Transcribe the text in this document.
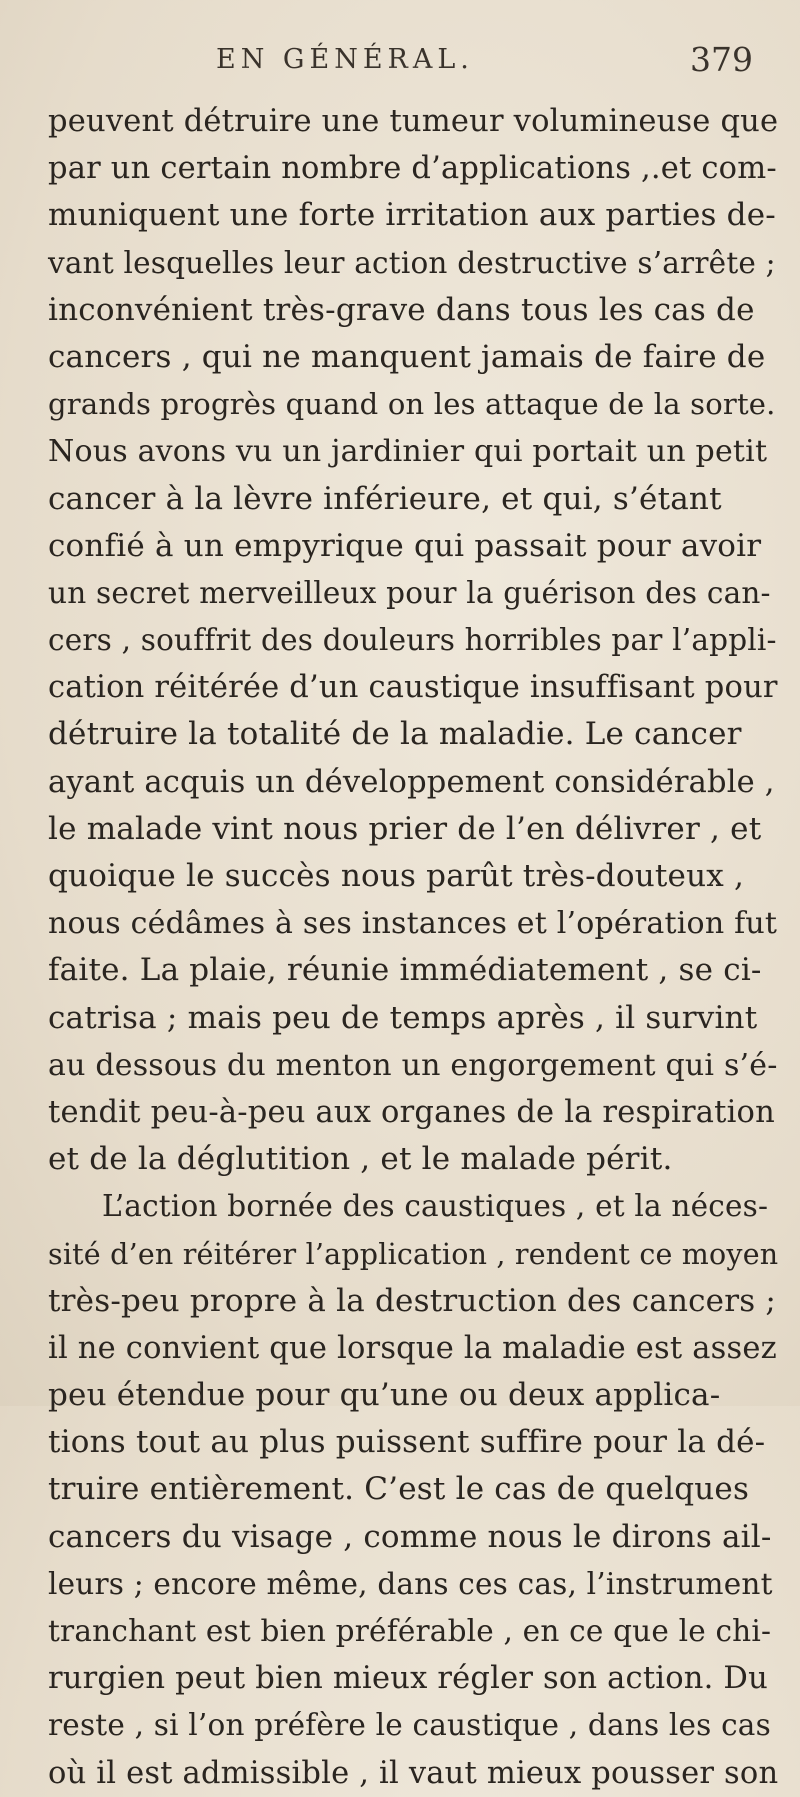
EN GÉNÉRAL.	379
peuvent détruire une tumeur volumineuse que
par un certain nombre d’applications ,.et com-
muniquent une forte irritation aux parties de-
vant lesquelles leur action destructive s’arrête ;
inconvénient très-grave dans tous les cas de
cancers , qui ne manquent jamais de faire de
grands progrès quand on les attaque de la sorte.
Nous avons vu un jardinier qui portait un petit
cancer à la lèvre inférieure, et qui, s’étant
confié à un empyrique qui passait pour avoir
un secret merveilleux pour la guérison des can-
cers , souffrit des douleurs horribles par l’appli-
cation réitérée d’un caustique insuffisant pour
détruire la totalité de la maladie. Le cancer
ayant acquis un développement considérable ,
le malade vint nous prier de l’en délivrer , et
quoique le succès nous parût très-douteux ,
nous cédâmes à ses instances et l’opération fut
faite. La plaie, réunie immédiatement , se ci-
catrisa ; mais peu de temps après , il survint
au dessous du menton un engorgement qui s’é-
tendit peu-à-peu aux organes de la respiration
et de la déglutition , et le malade périt.
L’action bornée des caustiques , et la néces-
sité d’en réitérer l’application , rendent ce moyen
très-peu propre à la destruction des cancers ;
il ne convient que lorsque la maladie est assez
peu étendue pour qu’une ou deux applica-
tions tout au plus puissent suffire pour la dé-
truire entièrement. C’est le cas de quelques
cancers du visage , comme nous le dirons ail-
leurs ; encore même, dans ces cas, l’instrument
tranchant est bien préférable , en ce que le chi-
rurgien peut bien mieux régler son action. Du
reste , si l’on préfère le caustique , dans les cas
où il est admissible , il vaut mieux pousser son
